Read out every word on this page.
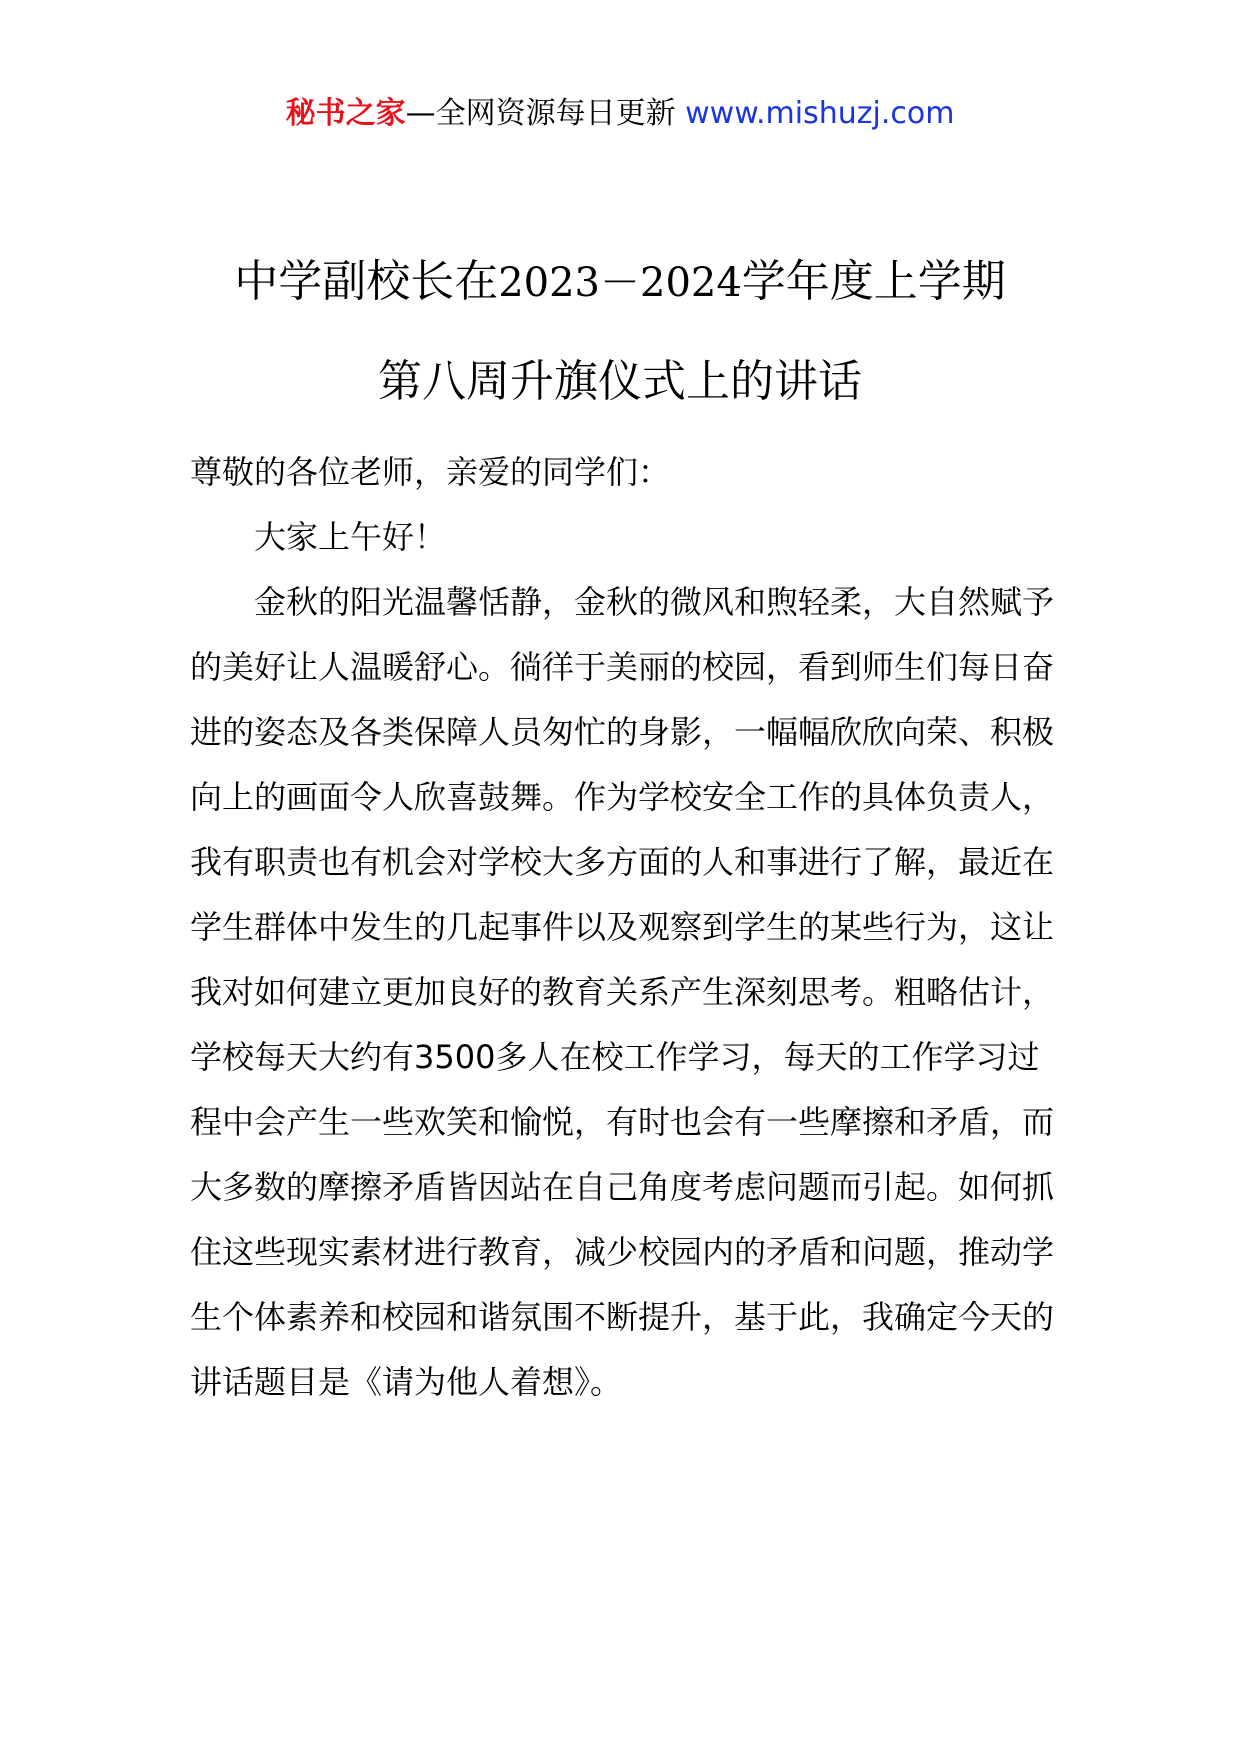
秘书之家—全网资源每日更新 www.mishuzj.com
中学副校长在2023－2024学年度上学期
第八周升旗仪式上的讲话

尊敬的各位老师，亲爱的同学们：

大家上午好！

金秋的阳光温馨恬静，金秋的微风和煦轻柔，大自然赋予的美好让人温暖舒心。徜徉于美丽的校园，看到师生们每日奋进的姿态及各类保障人员匆忙的身影，一幅幅欣欣向荣、积极向上的画面令人欣喜鼓舞。作为学校安全工作的具体负责人，我有职责也有机会对学校大多方面的人和事进行了解，最近在学生群体中发生的几起事件以及观察到学生的某些行为，这让我对如何建立更加良好的教育关系产生深刻思考。粗略估计，学校每天大约有3500多人在校工作学习，每天的工作学习过程中会产生一些欢笑和愉悦，有时也会有一些摩擦和矛盾，而大多数的摩擦矛盾皆因站在自己角度考虑问题而引起。如何抓住这些现实素材进行教育，减少校园内的矛盾和问题，推动学生个体素养和校园和谐氛围不断提升，基于此，我确定今天的讲话题目是《请为他人着想》。
